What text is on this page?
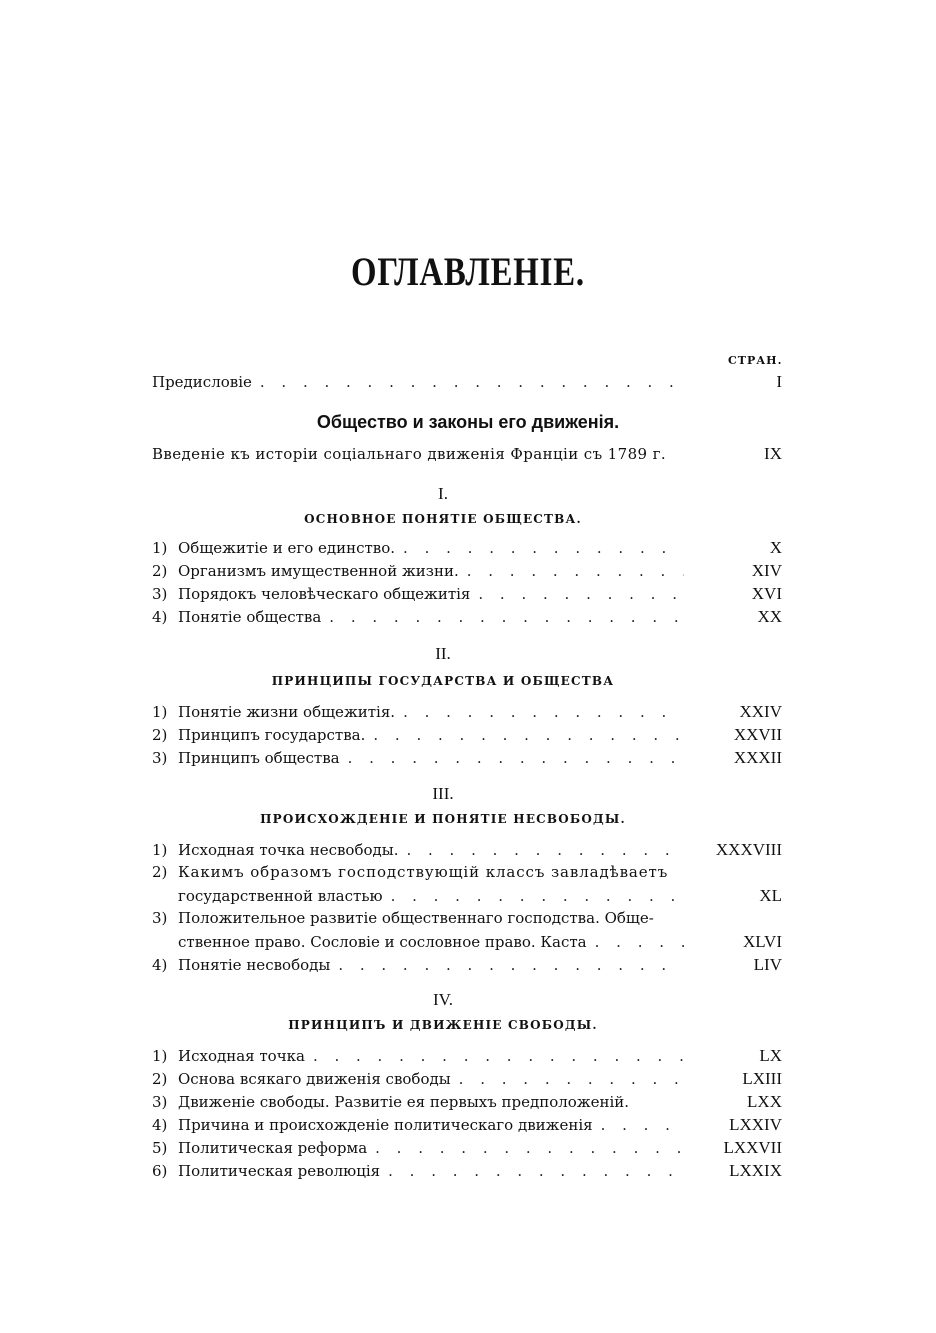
ОГЛАВЛЕНIЕ.
СТРАН.
Предисловiе . . .	I
Общество и законы его движенiя.
Введенiе къ исторiи соцiальнаго движенiя Францiи съ 1789 г.	IX
I.
ОСНОВНОЕ ПОНЯТIЕ ОБЩЕСТВА.
1) Общежитiе и его единство. . . .	X
2) Организмъ имущественной жизни. . . .	XIV
3) Порядокъ человѣческаго общежитiя . . .	XVI
4) Понятiе общества . . .	XX
II.
ПРИНЦИПЫ ГОСУДАРСТВА И ОБЩЕСТВА
1) Понятiе жизни общежитiя. . . .	XXIV
2) Принципъ государства. . . .	XXVII
3) Принципъ общества . . .	XXXII
III.
ПРОИСХОЖДЕНIЕ И ПОНЯТIЕ НЕСВОБОДЫ.
1) Исходная точка несвободы. . . .	XXXVIII
2) Какимъ образомъ господствующiй классъ завладѣваетъ
государственной властью . . .	XL
3) Положительное развитiе общественнаго господства. Обще-
ственное право. Сословiе и сословное право. Каста . . .	XLVI
4) Понятiе несвободы . . .	LIV
IV.
ПРИНЦИПЪ И ДВИЖЕНIЕ СВОБОДЫ.
1) Исходная точка . . .	LX
2) Основа всякаго движенiя свободы . . .	LXIII
3) Движенiе свободы. Развитiе ея первыхъ предположенiй.	LXX
4) Причина и происхожденiе политическаго движенiя . . .	LXXIV
5) Политическая реформа . . .	LXXVII
6) Политическая революцiя . . .	LXXIX
